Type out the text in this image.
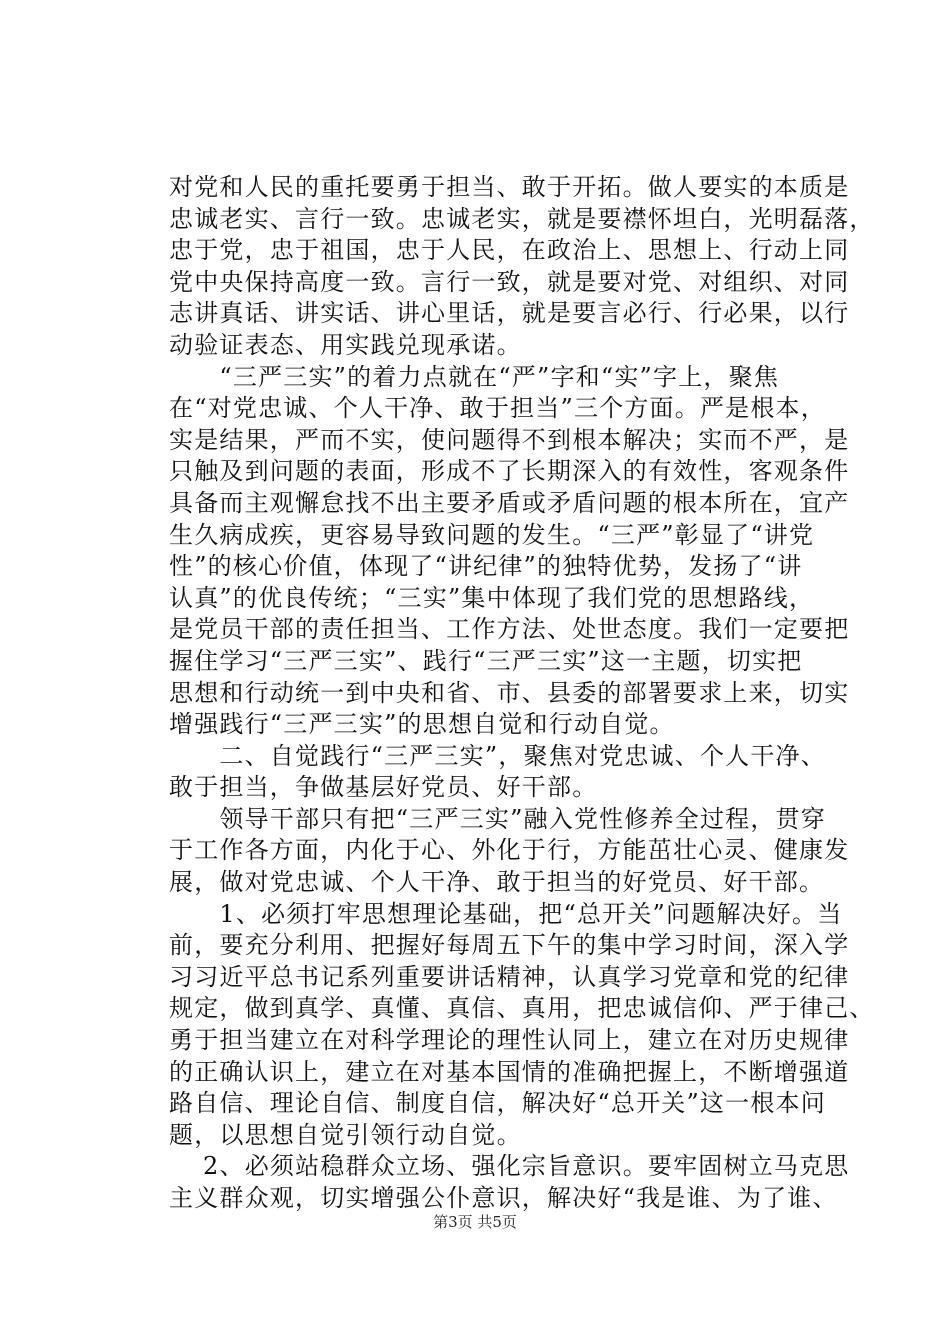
对党和人民的重托要勇于担当、敢于开拓。做人要实的本质是
忠诚老实、言行一致。忠诚老实，就是要襟怀坦白，光明磊落，
忠于党，忠于祖国，忠于人民，在政治上、思想上、行动上同
党中央保持高度一致。言行一致，就是要对党、对组织、对同
志讲真话、讲实话、讲心里话，就是要言必行、行必果，以行
动验证表态、用实践兑现承诺。
　　“三严三实”的着力点就在“严”字和“实”字上，聚焦
在“对党忠诚、个人干净、敢于担当”三个方面。严是根本，
实是结果，严而不实，使问题得不到根本解决；实而不严，是
只触及到问题的表面，形成不了长期深入的有效性，客观条件
具备而主观懈怠找不出主要矛盾或矛盾问题的根本所在，宜产
生久病成疾，更容易导致问题的发生。“三严”彰显了“讲党
性”的核心价值，体现了“讲纪律”的独特优势，发扬了“讲
认真”的优良传统；“三实”集中体现了我们党的思想路线，
是党员干部的责任担当、工作方法、处世态度。我们一定要把
握住学习“三严三实”、践行“三严三实”这一主题，切实把
思想和行动统一到中央和省、市、县委的部署要求上来，切实
增强践行“三严三实”的思想自觉和行动自觉。
　　二、自觉践行“三严三实”，聚焦对党忠诚、个人干净、
敢于担当，争做基层好党员、好干部。
　　领导干部只有把“三严三实”融入党性修养全过程，贯穿
于工作各方面，内化于心、外化于行，方能茁壮心灵、健康发
展，做对党忠诚、个人干净、敢于担当的好党员、好干部。
　　1、必须打牢思想理论基础，把“总开关”问题解决好。当
前，要充分利用、把握好每周五下午的集中学习时间，深入学
习习近平总书记系列重要讲话精神，认真学习党章和党的纪律
规定，做到真学、真懂、真信、真用，把忠诚信仰、严于律己、
勇于担当建立在对科学理论的理性认同上，建立在对历史规律
的正确认识上，建立在对基本国情的准确把握上，不断增强道
路自信、理论自信、制度自信，解决好“总开关”这一根本问
题，以思想自觉引领行动自觉。
　 2、必须站稳群众立场、强化宗旨意识。要牢固树立马克思
主义群众观，切实增强公仆意识，解决好“我是谁、为了谁、
第3页 共5页
